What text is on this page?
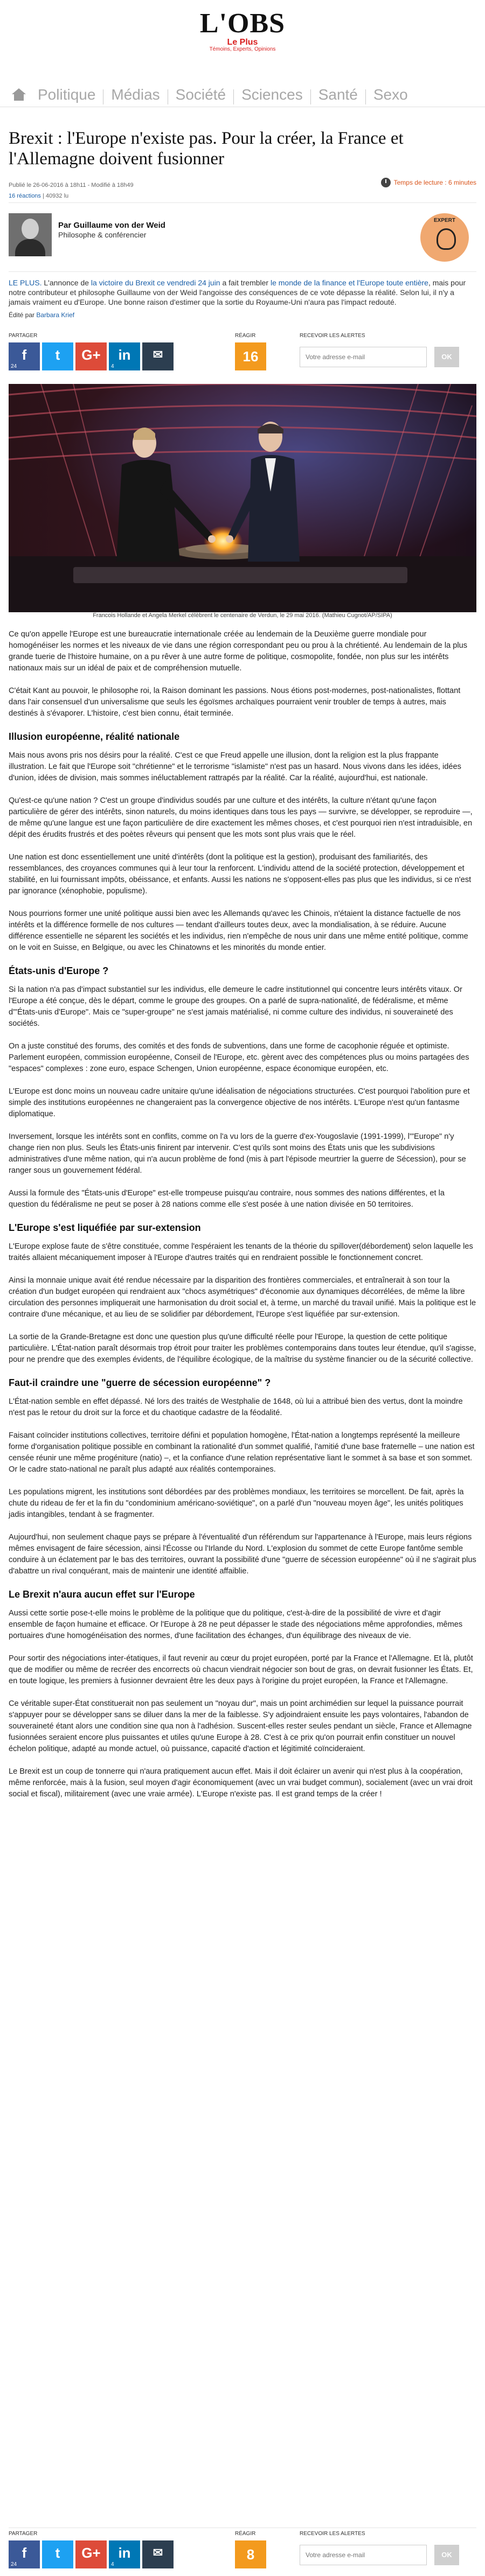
L'OBS
Le Plus
Témoins, Experts, Opinions
Politique Médias Société Sciences Santé Sexo
Brexit : l'Europe n'existe pas. Pour la créer, la France et l'Allemagne doivent fusionner
Publié le 26-06-2016 à 18h11 - Modifié à 18h49	Temps de lecture : 6 minutes
16 réactions | 40932 lu
Par Guillaume von der Weid
Philosophe & conférencier
EXPERT
LE PLUS. L'annonce de la victoire du Brexit ce vendredi 24 juin a fait trembler le monde de la finance et l'Europe toute entière, mais pour notre contributeur et philosophe Guillaume von der Weid l'angoisse des conséquences de ce vote dépasse la réalité. Selon lui, il n'y a jamais vraiment eu d'Europe. Une bonne raison d'estimer que la sortie du Royaume-Uni n'aura pas l'impact redouté.
Édité par Barbara Krief
PARTAGER
f
24
t	G+	in
4
✉
RÉAGIR
16
RECEVOIR LES ALERTES
Votre adresse e-mail
OK
Francois Hollande et Angela Merkel célèbrent le centenaire de Verdun, le 29 mai 2016. (Mathieu Cugnot/AP/SIPA)

Ce qu'on appelle l'Europe est une bureaucratie internationale créée au lendemain de la Deuxième guerre mondiale pour homogénéiser les normes et les niveaux de vie dans une région correspondant peu ou prou à la chrétienté. Au lendemain de la plus grande tuerie de l'histoire humaine, on a pu rêver à une autre forme de politique, cosmopolite, fondée, non plus sur les intérêts nationaux mais sur un idéal de paix et de compréhension mutuelle.

C'était Kant au pouvoir, le philosophe roi, la Raison dominant les passions. Nous étions post-modernes, post-nationalistes, flottant dans l'air consensuel d'un universalisme que seuls les égoïsmes archaïques pourraient venir troubler de temps à autres, mais destinés à s'évaporer. L'histoire, c'est bien connu, était terminée.

Illusion européenne, réalité nationale

Mais nous avons pris nos désirs pour la réalité. C'est ce que Freud appelle une illusion, dont la religion est la plus frappante illustration. Le fait que l'Europe soit "chrétienne" et le terrorisme "islamiste" n'est pas un hasard. Nous vivons dans les idées, idées d'union, idées de division, mais sommes inéluctablement rattrapés par la réalité. Car la réalité, aujourd'hui, est nationale.

Qu'est-ce qu'une nation ? C'est un groupe d'individus soudés par une culture et des intérêts, la culture n'étant qu'une façon particulière de gérer des intérêts, sinon naturels, du moins identiques dans tous les pays — survivre, se développer, se reproduire —, de même qu'une langue est une façon particulière de dire exactement les mêmes choses, et c'est pourquoi rien n'est intraduisible, en dépit des érudits frustrés et des poètes rêveurs qui pensent que les mots sont plus vrais que le réel.

Une nation est donc essentiellement une unité d'intérêts (dont la politique est la gestion), produisant des familiarités, des ressemblances, des croyances communes qui à leur tour la renforcent. L'individu attend de la société protection, développement et stabilité, en lui fournissant impôts, obéissance, et enfants. Aussi les nations ne s'opposent-elles pas plus que les individus, si ce n'est par ignorance (xénophobie, populisme).

Nous pourrions former une unité politique aussi bien avec les Allemands qu'avec les Chinois, n'étaient la distance factuelle de nos intérêts et la différence formelle de nos cultures — tendant d'ailleurs toutes deux, avec la mondialisation, à se réduire. Aucune différence essentielle ne séparent les sociétés et les individus, rien n'empêche de nous unir dans une même entité politique, comme on le voit en Suisse, en Belgique, ou avec les Chinatowns et les minorités du monde entier.

États-unis d'Europe ?

Si la nation n'a pas d'impact substantiel sur les individus, elle demeure le cadre institutionnel qui concentre leurs intérêts vitaux. Or l'Europe a été conçue, dès le départ, comme le groupe des groupes. On a parlé de supra-nationalité, de fédéralisme, et même d'"États-unis d'Europe". Mais ce "super-groupe" ne s'est jamais matérialisé, ni comme culture des individus, ni souveraineté des sociétés.

On a juste constitué des forums, des comités et des fonds de subventions, dans une forme de cacophonie réguée et optimiste. Parlement européen, commission européenne, Conseil de l'Europe, etc. gèrent avec des compétences plus ou moins partagées des "espaces" complexes : zone euro, espace Schengen, Union européenne, espace économique européen, etc.

L'Europe est donc moins un nouveau cadre unitaire qu'une idéalisation de négociations structurées. C'est pourquoi l'abolition pure et simple des institutions européennes ne changeraient pas la convergence objective de nos intérêts. L'Europe n'est qu'un fantasme diplomatique.

Inversement, lorsque les intérêts sont en conflits, comme on l'a vu lors de la guerre d'ex-Yougoslavie (1991-1999), l'"Europe" n'y change rien non plus. Seuls les États-unis finirent par intervenir. C'est qu'ils sont moins des États unis que les subdivisions administratives d'une même nation, qui n'a aucun problème de fond (mis à part l'épisode meurtrier la guerre de Sécession), pour se ranger sous un gouvernement fédéral.

Aussi la formule des "États-unis d'Europe" est-elle trompeuse puisqu'au contraire, nous sommes des nations différentes, et la question du fédéralisme ne peut se poser à 28 nations comme elle s'est posée à une nation divisée en 50 territoires.

L'Europe s'est liquéfiée par sur-extension

L'Europe explose faute de s'être constituée, comme l'espéraient les tenants de la théorie du spillover(débordement) selon laquelle les traités allaient mécaniquement imposer à l'Europe d'autres traités qui en rendraient possible le fonctionnement concret.

Ainsi la monnaie unique avait été rendue nécessaire par la disparition des frontières commerciales, et entraînerait à son tour la création d'un budget européen qui rendraient aux "chocs asymétriques" d'économie aux dynamiques décorrélées, de même la libre circulation des personnes impliquerait une harmonisation du droit social et, à terme, un marché du travail unifié. Mais la politique est le contraire d'une mécanique, et au lieu de se solidifier par débordement, l'Europe s'est liquéfiée par sur-extension.

La sortie de la Grande-Bretagne est donc une question plus qu'une difficulté réelle pour l'Europe, la question de cette politique particulière. L'État-nation paraît désormais trop étroit pour traiter les problèmes contemporains dans toutes leur étendue, qu'il s'agisse, pour ne prendre que des exemples évidents, de l'équilibre écologique, de la maîtrise du système financier ou de la sécurité collective.

Faut-il craindre une "guerre de sécession européenne" ?

L'État-nation semble en effet dépassé. Né lors des traités de Westphalie de 1648, où lui a attribué bien des vertus, dont la moindre n'est pas le retour du droit sur la force et du chaotique cadastre de la féodalité.

Faisant coïncider institutions collectives, territoire défini et population homogène, l'État-nation a longtemps représenté la meilleure forme d'organisation politique possible en combinant la rationalité d'un sommet qualifié, l'amitié d'une base fraternelle – une nation est censée réunir une même progéniture (natio) –, et la confiance d'une relation représentative liant le sommet à sa base et son sommet. Or le cadre stato-national ne paraît plus adapté aux réalités contemporaines.

Les populations migrent, les institutions sont débordées par des problèmes mondiaux, les territoires se morcellent. De fait, après la chute du rideau de fer et la fin du "condominium américano-soviétique", on a parlé d'un "nouveau moyen âge", les unités politiques jadis intangibles, tendant à se fragmenter.

Aujourd'hui, non seulement chaque pays se prépare à l'éventualité d'un référendum sur l'appartenance à l'Europe, mais leurs régions mêmes envisagent de faire sécession, ainsi l'Écosse ou l'Irlande du Nord. L'explosion du sommet de cette Europe fantôme semble conduire à un éclatement par le bas des territoires, ouvrant la possibilité d'une "guerre de sécession européenne" où il ne s'agirait plus d'abattre un rival conquérant, mais de maintenir une identité affaiblie.

Le Brexit n'aura aucun effet sur l'Europe

Aussi cette sortie pose-t-elle moins le problème de la politique que du politique, c'est-à-dire de la possibilité de vivre et d'agir ensemble de façon humaine et efficace. Or l'Europe à 28 ne peut dépasser le stade des négociations même approfondies, mêmes portuaires d'une homogénéisation des normes, d'une facilitation des échanges, d'un équilibrage des niveaux de vie.

Pour sortir des négociations inter-étatiques, il faut revenir au cœur du projet européen, porté par la France et l'Allemagne. Et là, plutôt que de modifier ou même de recréer des encorrects où chacun viendrait négocier son bout de gras, on devrait fusionner les États. Et, en toute logique, les premiers à fusionner devraient être les deux pays à l'origine du projet européen, la France et l'Allemagne.

Ce véritable super-État constituerait non pas seulement un "noyau dur", mais un point archimédien sur lequel la puissance pourrait s'appuyer pour se développer sans se diluer dans la mer de la faiblesse. S'y adjoindraient ensuite les pays volontaires, l'abandon de souveraineté étant alors une condition sine qua non à l'adhésion. Suscent-elles rester seules pendant un siècle, France et Allemagne fusionnées seraient encore plus puissantes et utiles qu'une Europe à 28. C'est à ce prix qu'on pourrait enfin constituer un nouvel échelon politique, adapté au monde actuel, où puissance, capacité d'action et légitimité coïncideraient.

Le Brexit est un coup de tonnerre qui n'aura pratiquement aucun effet. Mais il doit éclairer un avenir qui n'est plus à la coopération, même renforcée, mais à la fusion, seul moyen d'agir économiquement (avec un vrai budget commun), socialement (avec un vrai droit social et fiscal), militairement (avec une vraie armée). L'Europe n'existe pas. Il est grand temps de la créer !

PARTAGER
f
24
t	G+	in
4
✉
RÉAGIR
8
RECEVOIR LES ALERTES
Votre adresse e-mail
OK
